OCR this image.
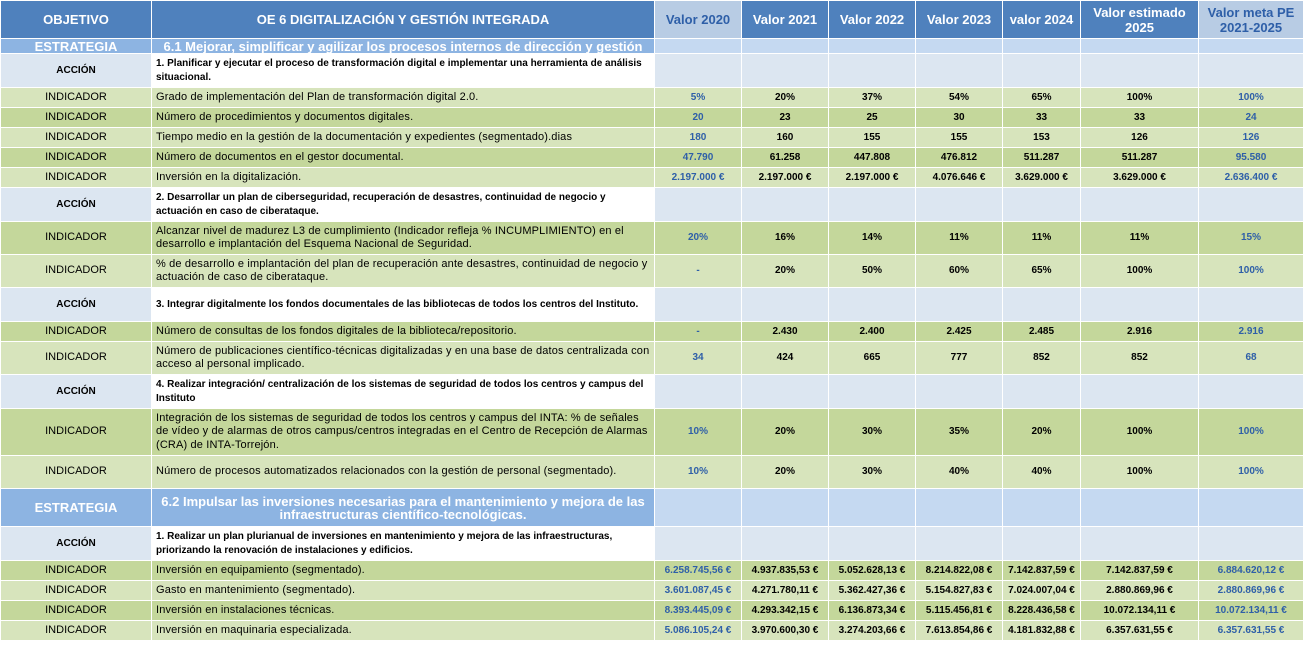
OBJETIVO	OE 6 DIGITALIZACIÓN Y GESTIÓN INTEGRADA	Valor 2020	Valor 2021	Valor 2022	Valor 2023	valor 2024	Valor estimado 2025	Valor meta PE 2021-2025
ESTRATEGIA	6.1 Mejorar, simplificar y agilizar los procesos internos de dirección y gestión							
ACCIÓN	1. Planificar y ejecutar el proceso de transformación digital e implementar una herramienta de análisis situacional.							
INDICADOR	Grado de implementación del Plan de transformación digital 2.0.	5%	20%	37%	54%	65%	100%	100%
INDICADOR	Número de procedimientos y documentos digitales.	20	23	25	30	33	33	24
INDICADOR	Tiempo medio en la gestión de la documentación y expedientes (segmentado).dias	180	160	155	155	153	126	126
INDICADOR	Número de documentos en el gestor documental.	47.790	61.258	447.808	476.812	511.287	511.287	95.580
INDICADOR	Inversión en la digitalización.	2.197.000 €	2.197.000 €	2.197.000 €	4.076.646 €	3.629.000 €	3.629.000 €	2.636.400 €
ACCIÓN	2. Desarrollar un plan de ciberseguridad, recuperación de desastres, continuidad de negocio y actuación en caso de ciberataque.							
INDICADOR	Alcanzar nivel de madurez L3 de cumplimiento (Indicador refleja % INCUMPLIMIENTO) en el desarrollo e implantación del Esquema Nacional de Seguridad.	20%	16%	14%	11%	11%	11%	15%
INDICADOR	% de desarrollo e implantación del plan de recuperación ante desastres, continuidad de negocio y actuación de caso de ciberataque.	-	20%	50%	60%	65%	100%	100%
ACCIÓN	3. Integrar digitalmente los fondos documentales de las bibliotecas de todos los centros del Instituto.							
INDICADOR	Número de consultas de los fondos digitales de la biblioteca/repositorio.	-	2.430	2.400	2.425	2.485	2.916	2.916
INDICADOR	Número de publicaciones científico-técnicas digitalizadas y en una base de datos centralizada con acceso al personal implicado.	34	424	665	777	852	852	68
ACCIÓN	4. Realizar integración/ centralización de los sistemas de seguridad de todos los centros y campus del Instituto							
INDICADOR	Integración de los sistemas de seguridad de todos los centros y campus del INTA: % de señales de vídeo y de alarmas de otros campus/centros integradas en el Centro de Recepción de Alarmas (CRA) de INTA-Torrejón.	10%	20%	30%	35%	20%	100%	100%
INDICADOR	Número de procesos automatizados relacionados con la gestión de personal (segmentado).	10%	20%	30%	40%	40%	100%	100%
ESTRATEGIA	6.2 Impulsar las inversiones necesarias para el mantenimiento y mejora de las infraestructuras científico-tecnológicas.							
ACCIÓN	1. Realizar un plan plurianual de inversiones en mantenimiento y mejora de las infraestructuras, priorizando la renovación de instalaciones y edificios.							
INDICADOR	Inversión en equipamiento (segmentado).	6.258.745,56 €	4.937.835,53 €	5.052.628,13 €	8.214.822,08 €	7.142.837,59 €	7.142.837,59 €	6.884.620,12 €
INDICADOR	Gasto en mantenimiento (segmentado).	3.601.087,45 €	4.271.780,11 €	5.362.427,36 €	5.154.827,83 €	7.024.007,04 €	2.880.869,96 €	2.880.869,96 €
INDICADOR	Inversión en instalaciones técnicas.	8.393.445,09 €	4.293.342,15 €	6.136.873,34 €	5.115.456,81 €	8.228.436,58 €	10.072.134,11 €	10.072.134,11 €
INDICADOR	Inversión en maquinaria especializada.	5.086.105,24 €	3.970.600,30 €	3.274.203,66 €	7.613.854,86 €	4.181.832,88 €	6.357.631,55 €	6.357.631,55 €
